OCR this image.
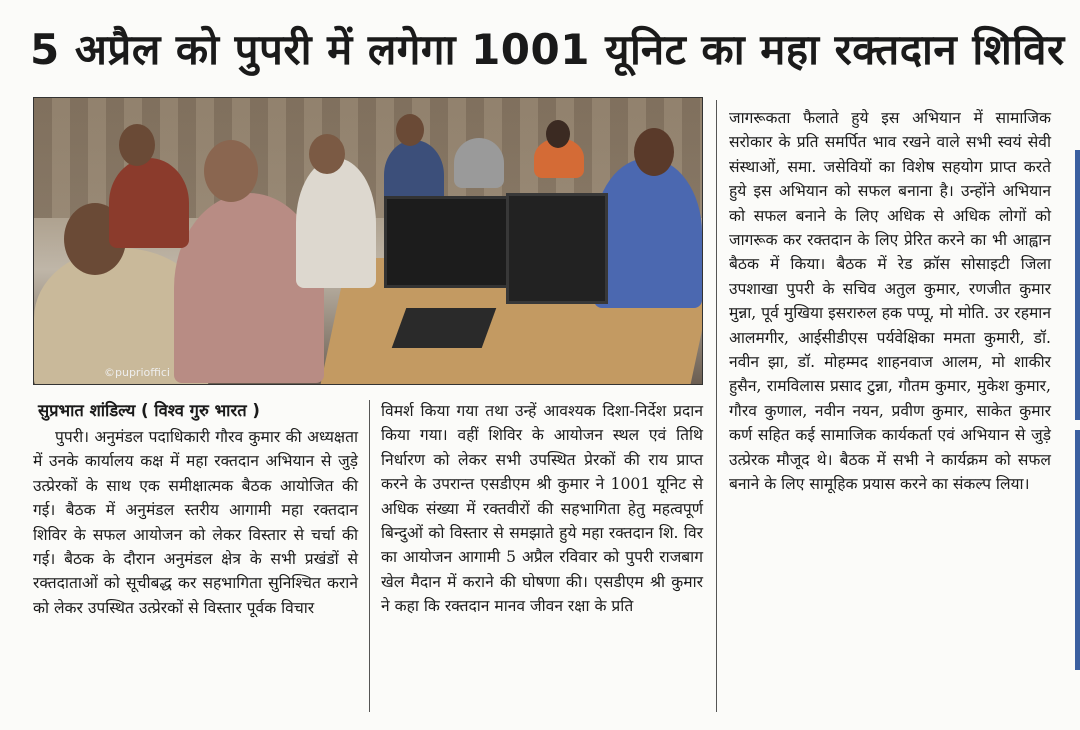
5 अप्रैल को पुपरी में लगेगा 1001 यूनिट का महा रक्तदान शिविर
©puprioffici
सुप्रभात शांडिल्य ( विश्व गुरु भारत )
पुपरी। अनुमंडल पदाधिकारी गौरव कुमार की अध्यक्षता में उनके कार्यालय कक्ष में महा रक्तदान अभियान से जुड़े उत्प्रेरकों के साथ एक समीक्षात्मक बैठक आयोजित की गई। बैठक में अनुमंडल स्तरीय आगामी महा रक्तदान शिविर के सफल आयोजन को लेकर विस्तार से चर्चा की गई। बैठक के दौरान अनुमंडल क्षेत्र के सभी प्रखंडों से रक्तदाताओं को सूचीबद्ध कर सहभागिता सुनिश्चित कराने को लेकर उपस्थित उत्प्रेरकों से विस्तार पूर्वक विचार
विमर्श किया गया तथा उन्हें आवश्यक दिशा-निर्देश प्रदान किया गया। वहीं शिविर के आयोजन स्थल एवं तिथि निर्धारण को लेकर सभी उपस्थित प्रेरकों की राय प्राप्त करने के उपरान्त एसडीएम श्री कुमार ने 1001 यूनिट से अधिक संख्या में रक्तवीरों की सहभागिता हेतु महत्वपूर्ण बिन्दुओं को विस्तार से समझाते हुये महा रक्तदान शि. विर का आयोजन आगामी 5 अप्रैल रविवार को पुपरी राजबाग खेल मैदान में कराने की घोषणा की। एसडीएम श्री कुमार ने कहा कि रक्तदान मानव जीवन रक्षा के प्रति
जागरूकता फैलाते हुये इस अभियान में सामाजिक सरोकार के प्रति समर्पित भाव रखने वाले सभी स्वयं सेवी संस्थाओं, समा. जसेवियों का विशेष सहयोग प्राप्त करते हुये इस अभियान को सफल बनाना है। उन्होंने अभियान को सफल बनाने के लिए अधिक से अधिक लोगों को जागरूक कर रक्तदान के लिए प्रेरित करने का भी आह्वान बैठक में किया। बैठक में रेड क्रॉस सोसाइटी जिला उपशाखा पुपरी के सचिव अतुल कुमार, रणजीत कुमार मुन्ना, पूर्व मुखिया इसरारुल हक पप्पू, मो मोति. उर रहमान आलमगीर, आईसीडीएस पर्यवेक्षिका ममता कुमारी, डॉ. नवीन झा, डॉ. मोहम्मद शाहनवाज आलम, मो शाकीर हुसैन, रामविलास प्रसाद टुन्ना, गौतम कुमार, मुकेश कुमार, गौरव कुणाल, नवीन नयन, प्रवीण कुमार, साकेत कुमार कर्ण सहित कई सामाजिक कार्यकर्ता एवं अभियान से जुड़े उत्प्रेरक मौजूद थे। बैठक में सभी ने कार्यक्रम को सफल बनाने के लिए सामूहिक प्रयास करने का संकल्प लिया।
